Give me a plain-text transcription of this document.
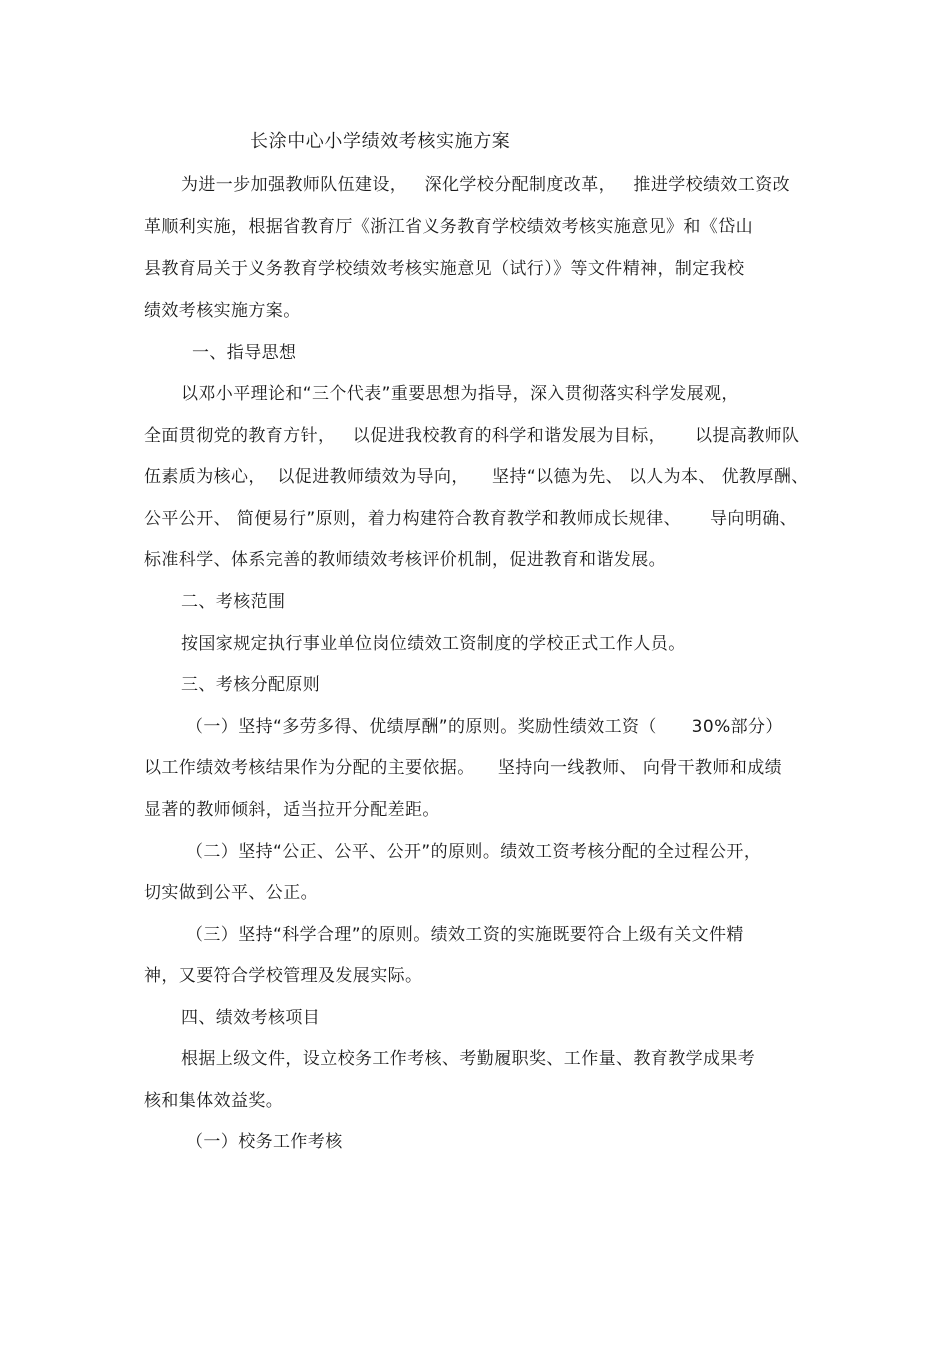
长涂中心小学绩效考核实施方案
为进一步加强教师队伍建设，   深化学校分配制度改革，   推进学校绩效工资改
革顺利实施，根据省教育厅《浙江省义务教育学校绩效考核实施意见》和《岱山
县教育局关于义务教育学校绩效考核实施意见（试行）》等文件精神，制定我校
绩效考核实施方案。
一、指导思想
以邓小平理论和“三个代表”重要思想为指导，深入贯彻落实科学发展观，
全面贯彻党的教育方针，   以促进我校教育的科学和谐发展为目标，     以提高教师队
伍素质为核心，  以促进教师绩效为导向，    坚持“以德为先、 以人为本、 优教厚酬、
公平公开、 简便易行”原则，着力构建符合教育教学和教师成长规律、     导向明确、
标准科学、体系完善的教师绩效考核评价机制，促进教育和谐发展。
二、考核范围
按国家规定执行事业单位岗位绩效工资制度的学校正式工作人员。
三、考核分配原则
（一）坚持“多劳多得、优绩厚酬”的原则。奖励性绩效工资（      30%部分）
以工作绩效考核结果作为分配的主要依据。    坚持向一线教师、 向骨干教师和成绩
显著的教师倾斜，适当拉开分配差距。
（二）坚持“公正、公平、公开”的原则。绩效工资考核分配的全过程公开，
切实做到公平、公正。
（三）坚持“科学合理”的原则。绩效工资的实施既要符合上级有关文件精
神，又要符合学校管理及发展实际。
四、绩效考核项目
根据上级文件，设立校务工作考核、考勤履职奖、工作量、教育教学成果考
核和集体效益奖。
（一）校务工作考核
